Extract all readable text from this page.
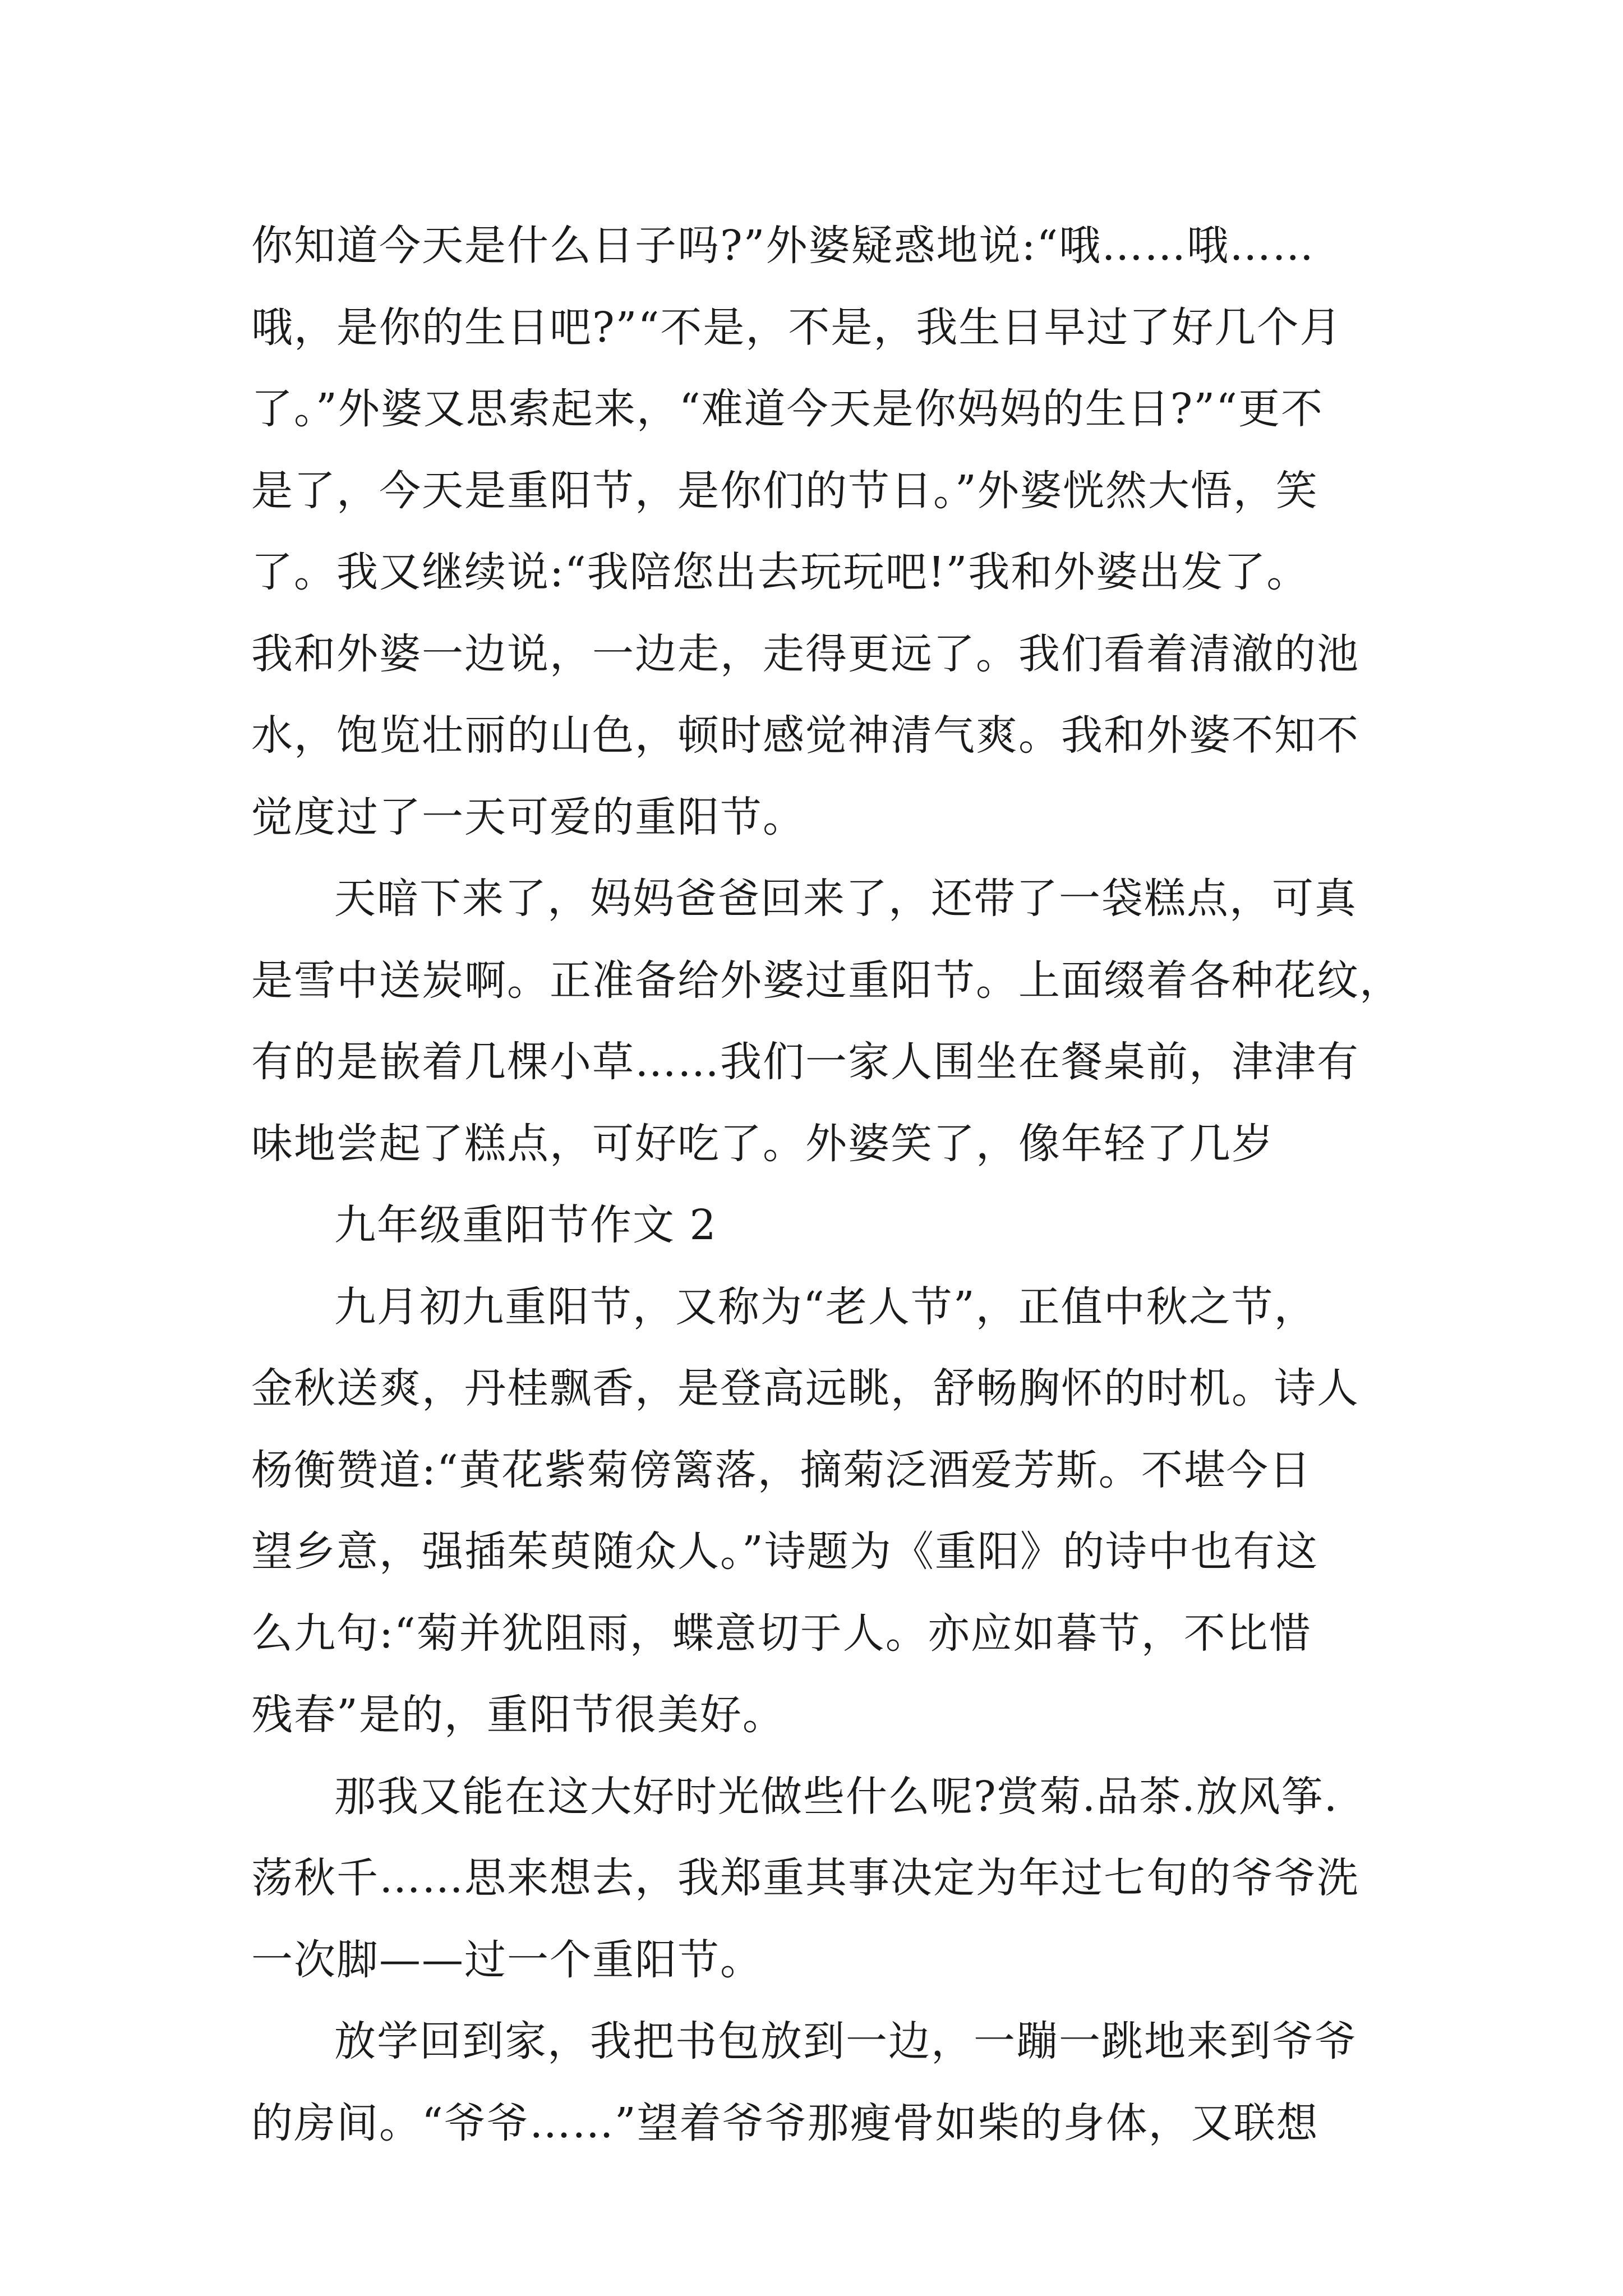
你知道今天是什么日子吗?”外婆疑惑地说:“哦……哦……
哦，是你的生日吧?”“不是，不是，我生日早过了好几个月
了。”外婆又思索起来，“难道今天是你妈妈的生日?”“更不
是了，今天是重阳节，是你们的节日。”外婆恍然大悟，笑
了。我又继续说:“我陪您出去玩玩吧!”我和外婆出发了。
我和外婆一边说，一边走，走得更远了。我们看着清澈的池
水，饱览壮丽的山色，顿时感觉神清气爽。我和外婆不知不
觉度过了一天可爱的重阳节。
天暗下来了，妈妈爸爸回来了，还带了一袋糕点，可真
是雪中送炭啊。正准备给外婆过重阳节。上面缀着各种花纹，
有的是嵌着几棵小草……我们一家人围坐在餐桌前，津津有
味地尝起了糕点，可好吃了。外婆笑了，像年轻了几岁
九年级重阳节作文 2
九月初九重阳节，又称为“老人节”，正值中秋之节，
金秋送爽，丹桂飘香，是登高远眺，舒畅胸怀的时机。诗人
杨衡赞道:“黄花紫菊傍篱落，摘菊泛酒爱芳斯。不堪今日
望乡意，强插茱萸随众人。”诗题为《重阳》的诗中也有这
么九句:“菊并犹阻雨，蝶意切于人。亦应如暮节，不比惜
残春”是的，重阳节很美好。
那我又能在这大好时光做些什么呢?赏菊.品茶.放风筝.
荡秋千……思来想去，我郑重其事决定为年过七旬的爷爷洗
一次脚——过一个重阳节。
放学回到家，我把书包放到一边，一蹦一跳地来到爷爷
的房间。“爷爷……”望着爷爷那瘦骨如柴的身体，又联想
